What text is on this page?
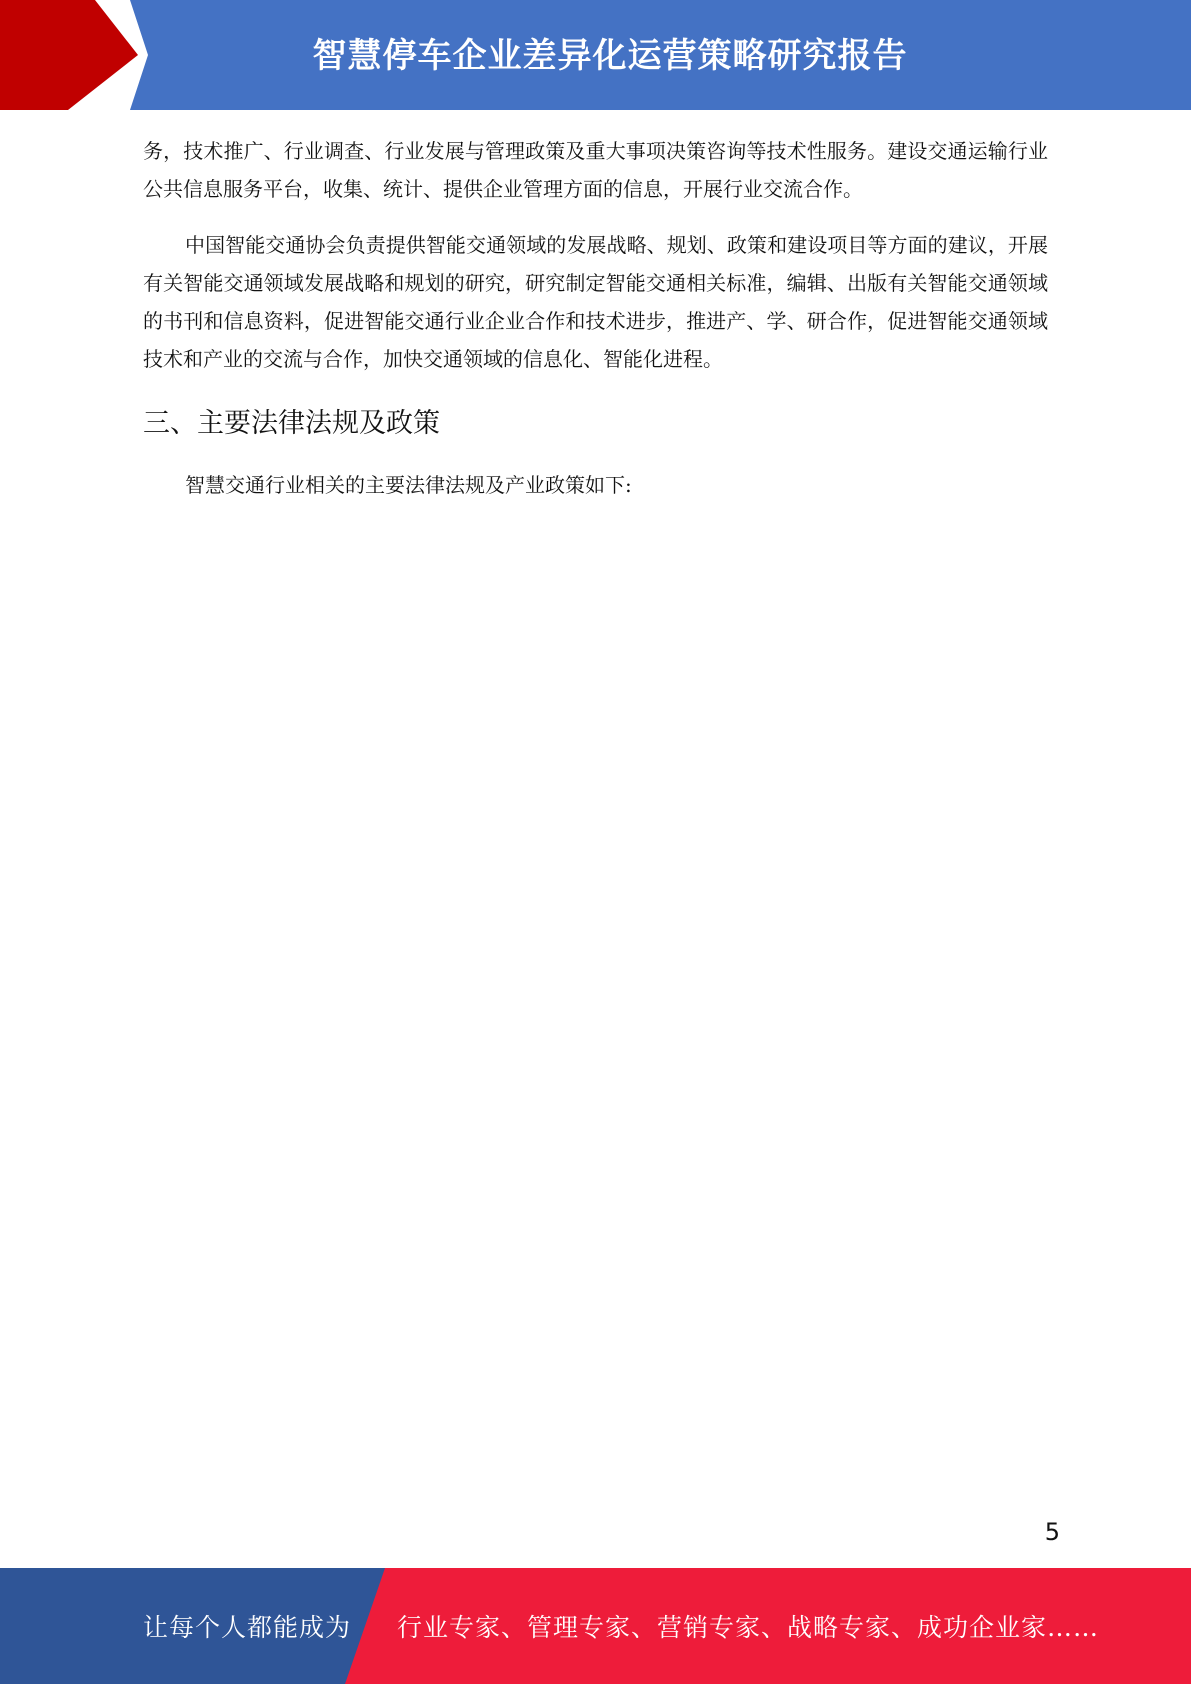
智慧停车企业差异化运营策略研究报告

务，技术推广、行业调查、行业发展与管理政策及重大事项决策咨询等技术性服务。建设交通运输行业公共信息服务平台，收集、统计、提供企业管理方面的信息，开展行业交流合作。

中国智能交通协会负责提供智能交通领域的发展战略、规划、政策和建设项目等方面的建议，开展有关智能交通领域发展战略和规划的研究，研究制定智能交通相关标准，编辑、出版有关智能交通领域的书刊和信息资料，促进智能交通行业企业合作和技术进步，推进产、学、研合作，促进智能交通领域技术和产业的交流与合作，加快交通领域的信息化、智能化进程。

三、主要法律法规及政策

智慧交通行业相关的主要法律法规及产业政策如下:

5
让每个人都能成为 行业专家、管理专家、营销专家、战略专家、成功企业家……
